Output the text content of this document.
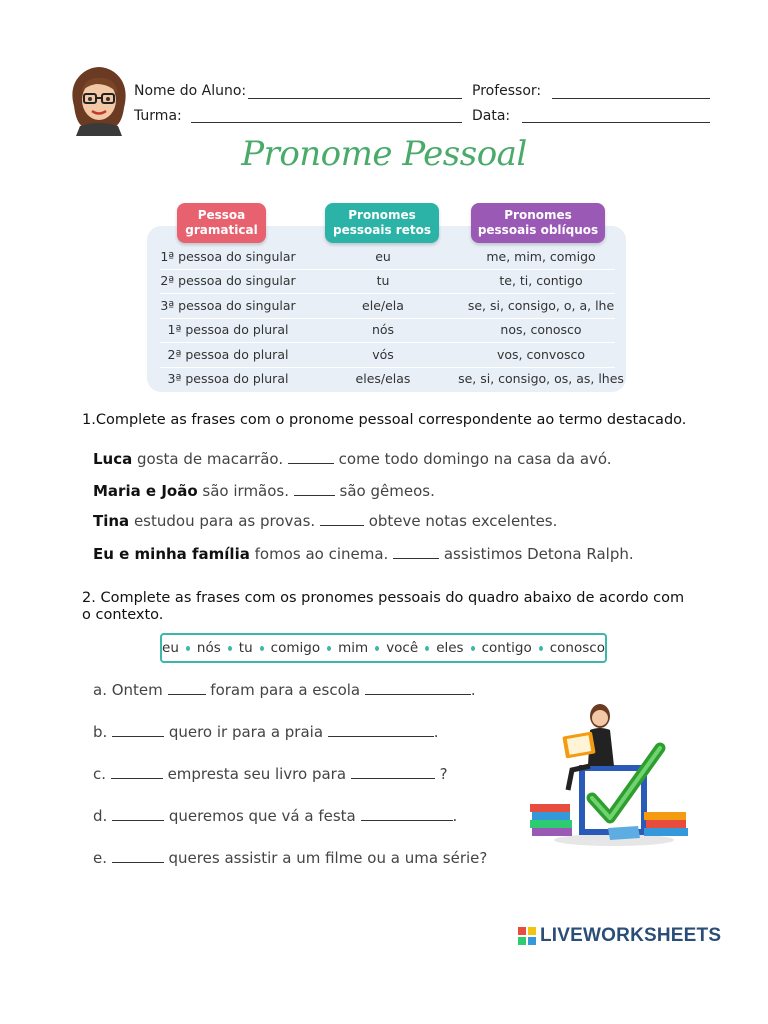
Nome do Aluno:	Professor:
Turma:	Data:
Pronome Pessoal
Pessoa
gramatical
Pronomes
pessoais retos
Pronomes
pessoais oblíquos
1ª pessoa do singular	eu	me, mim, comigo
2ª pessoa do singular	tu	te, ti, contigo
3ª pessoa do singular	ele/ela	se, si, consigo, o, a, lhe
1ª pessoa do plural	nós	nos, conosco
2ª pessoa do plural	vós	vos, convosco
3ª pessoa do plural	eles/elas	se, si, consigo, os, as, lhes
1.Complete as frases com o pronome pessoal correspondente ao termo destacado.
Luca gosta de macarrão.	come todo domingo na casa da avó.
Maria e João são irmãos.	são gêmeos.
Tina estudou para as provas.	obteve notas excelentes.
Eu e minha família fomos ao cinema.	assistimos Detona Ralph.
2. Complete as frases com os pronomes pessoais do quadro abaixo de acordo com o contexto.
eu nós tu comigo mim você eles contigo conosco
a. Ontem	foram para a escola	.
b.	quero ir para a praia	.
c.	empresta seu livro para	?
d.	queremos que vá a festa	.
e.	queres assistir a um filme ou a uma série?
LIVEWORKSHEETS
